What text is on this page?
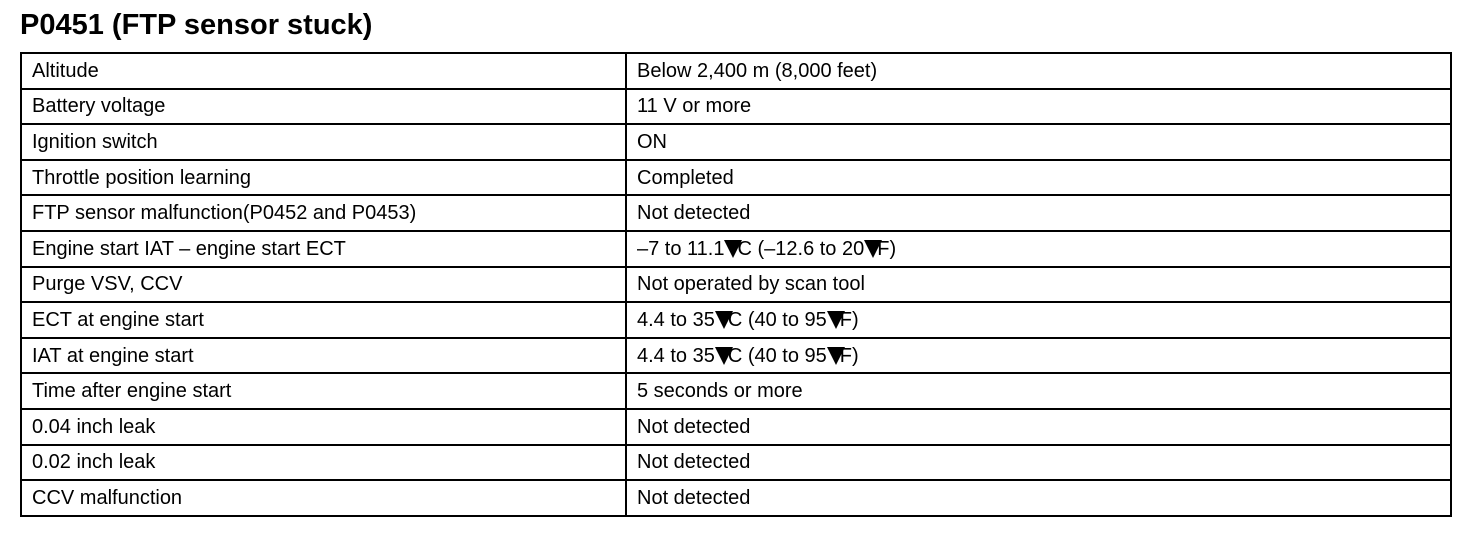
P0451 (FTP sensor stuck)
Altitude	Below 2,400 m (8,000 feet)
Battery voltage	11 V or more
Ignition switch	ON
Throttle position learning	Completed
FTP sensor malfunction(P0452 and P0453)	Not detected
Engine start IAT – engine start ECT	–7 to 11.1 C (–12.6 to 20 F)
Purge VSV, CCV	Not operated by scan tool
ECT at engine start	4.4 to 35 C (40 to 95 F)
IAT at engine start	4.4 to 35 C (40 to 95 F)
Time after engine start	5 seconds or more
0.04 inch leak	Not detected
0.02 inch leak	Not detected
CCV malfunction	Not detected
